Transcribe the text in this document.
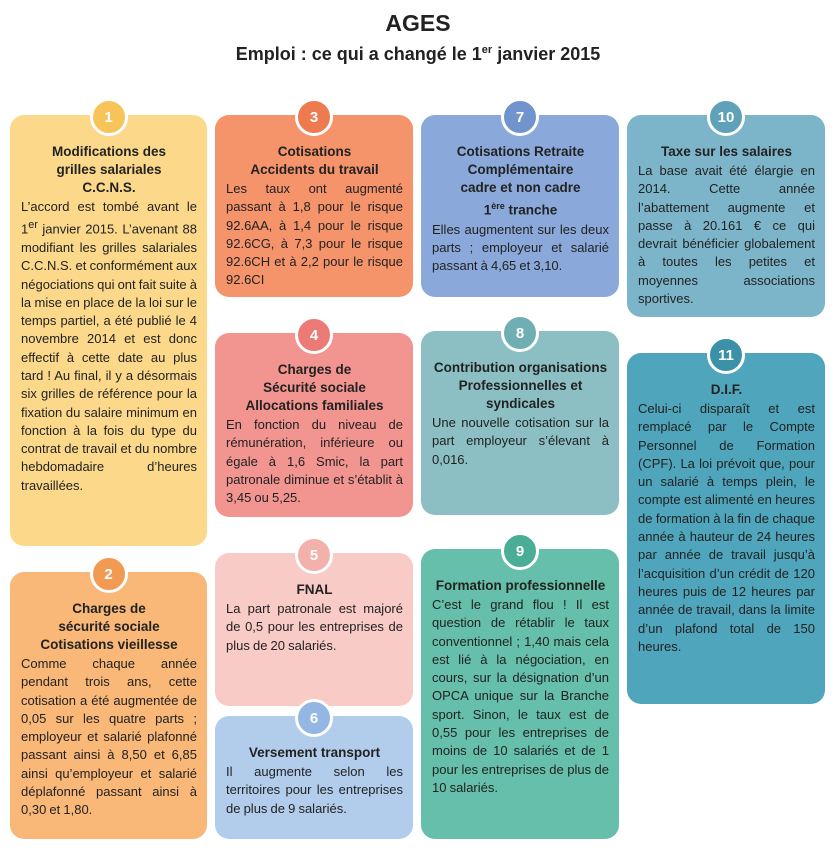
AGES
Emploi : ce qui a changé le 1er janvier 2015
1
Modifications des
grilles salariales
C.C.N.S.
L’accord est tombé avant le 1er janvier 2015. L’avenant 88 modifiant les grilles salariales C.C.N.S. et conformément aux négociations qui ont fait suite à la mise en place de la loi sur le temps partiel, a été publié le 4 novembre 2014 et est donc effectif à cette date au plus tard ! Au final, il y a désormais six grilles de référence pour la fixation du salaire minimum en fonction à la fois du type du contrat de travail et du nombre hebdomadaire d’heures travaillées.
2
Charges de
sécurité sociale
Cotisations vieillesse
Comme chaque année pendant trois ans, cette cotisation a été augmentée de 0,05 sur les quatre parts ; employeur et salarié plafonné passant ainsi à 8,50 et 6,85 ainsi qu’employeur et salarié déplafonné passant ainsi à 0,30 et 1,80.
3
Cotisations
Accidents du travail
Les taux ont augmenté passant à 1,8 pour le risque 92.6AA, à 1,4 pour le risque 92.6CG, à 7,3 pour le risque 92.6CH et à 2,2 pour le risque 92.6CI
4
Charges de
Sécurité sociale
Allocations familiales
En fonction du niveau de rémunération, inférieure ou égale à 1,6 Smic, la part patronale diminue et s’établit à 3,45 ou 5,25.
5
FNAL
La part patronale est majoré de 0,5 pour les entreprises de plus de 20 salariés.
6
Versement transport
Il augmente selon les territoires pour les entreprises de plus de 9 salariés.
7
Cotisations Retraite
Complémentaire
cadre et non cadre
1ère tranche
Elles augmentent sur les deux parts ; employeur et salarié passant à 4,65 et 3,10.
8
Contribution organisations
Professionnelles et
syndicales
Une nouvelle cotisation sur la part employeur s’élevant à 0,016.
9
Formation professionnelle
C’est le grand flou ! Il est question de rétablir le taux conventionnel ; 1,40 mais cela est lié à la négociation, en cours, sur la désignation d’un OPCA unique sur la Branche sport. Sinon, le taux est de 0,55 pour les entreprises de moins de 10 salariés et de 1 pour les entreprises de plus de 10 salariés.
10
Taxe sur les salaires
La base avait été élargie en 2014. Cette année l’abattement augmente et passe à 20.161 € ce qui devrait bénéficier globalement à toutes les petites et moyennes associations sportives.
11
D.I.F.
Celui-ci disparaît et est remplacé par le Compte Personnel de Formation (CPF). La loi prévoit que, pour un salarié à temps plein, le compte est alimenté en heures de formation à la fin de chaque année à hauteur de 24 heures par année de travail jusqu’à l’acquisition d’un crédit de 120 heures puis de 12 heures par année de travail, dans la limite d’un plafond total de 150 heures.
